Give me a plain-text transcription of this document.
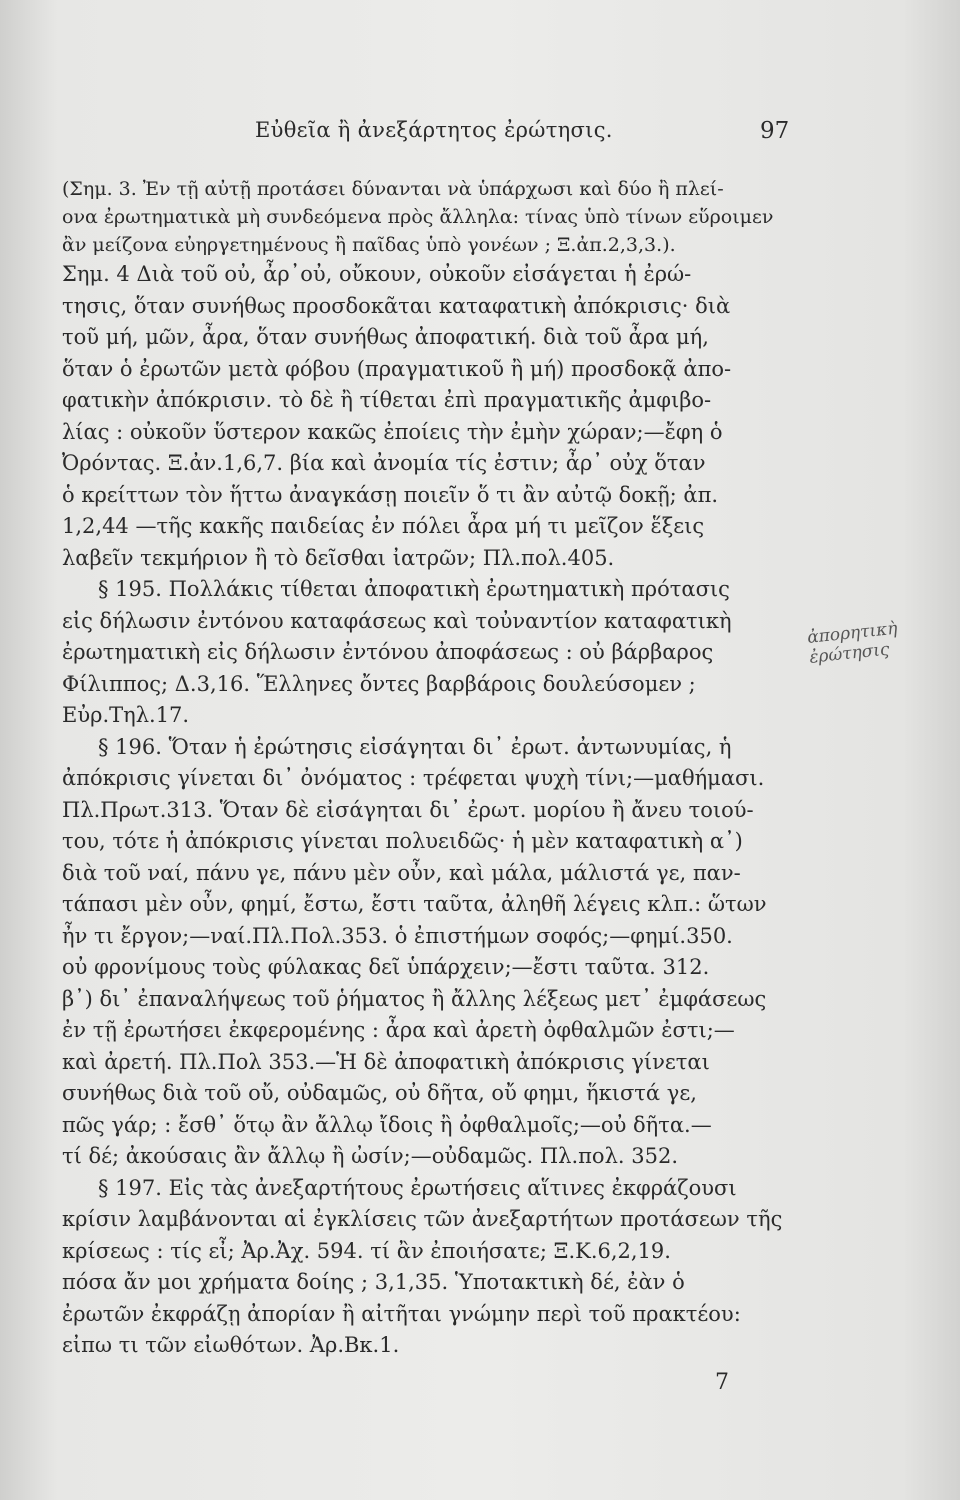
Εὐθεῖα ἢ ἀνεξάρτητος ἐρώτησις.	97
(Σημ. 3. Ἐν τῇ αὐτῇ προτάσει δύνανται νὰ ὑπάρχωσι καὶ δύο ἢ πλεί-
ονα ἐρωτηματικὰ μὴ συνδεόμενα πρὸς ἄλληλα: τίνας ὑπὸ τίνων εὕροιμεν
ἂν μείζονα εὐηργετημένους ἢ παῖδας ὑπὸ γονέων ; Ξ.ἀπ.2,3,3.).
Σημ. 4 Διὰ τοῦ οὐ, ἆρ᾽οὐ, οὔκουν, οὐκοῦν εἰσάγεται ἡ ἐρώ-
τησις, ὅταν συνήθως προσδοκᾶται καταφατικὴ ἀπόκρισις· διὰ
τοῦ μή, μῶν, ἆρα, ὅταν συνήθως ἀποφατική. διὰ τοῦ ἆρα μή,
ὅταν ὁ ἐρωτῶν μετὰ φόβου (πραγματικοῦ ἢ μή) προσδοκᾷ ἀπο-
φατικὴν ἀπόκρισιν. τὸ δὲ ἢ τίθεται ἐπὶ πραγματικῆς ἀμφιβο-
λίας : οὐκοῦν ὕστερον κακῶς ἐποίεις τὴν ἐμὴν χώραν;—ἔφη ὁ
Ὀρόντας. Ξ.ἀν.1,6,7. βία καὶ ἀνομία τίς ἐστιν; ἆρ᾽ οὐχ ὅταν
ὁ κρείττων τὸν ἥττω ἀναγκάσῃ ποιεῖν ὅ τι ἂν αὐτῷ δοκῇ; ἀπ.
1,2,44 —τῆς κακῆς παιδείας ἐν πόλει ἆρα μή τι μεῖζον ἕξεις
λαβεῖν τεκμήριον ἢ τὸ δεῖσθαι ἰατρῶν; Πλ.πολ.405.
§ 195. Πολλάκις τίθεται ἀποφατικὴ ἐρωτηματικὴ πρότασις
εἰς δήλωσιν ἐντόνου καταφάσεως καὶ τοὐναντίον καταφατικὴ
ἐρωτηματικὴ εἰς δήλωσιν ἐντόνου ἀποφάσεως : οὐ βάρβαρος
Φίλιππος; Δ.3,16. Ἕλληνες ὄντες βαρβάροις δουλεύσομεν ;
Εὐρ.Τηλ.17.
§ 196. Ὅταν ἡ ἐρώτησις εἰσάγηται δι᾽ ἐρωτ. ἀντωνυμίας, ἡ
ἀπόκρισις γίνεται δι᾽ ὀνόματος : τρέφεται ψυχὴ τίνι;—μαθήμασι.
Πλ.Πρωτ.313. Ὅταν δὲ εἰσάγηται δι᾽ ἐρωτ. μορίου ἢ ἄνευ τοιού-
του, τότε ἡ ἀπόκρισις γίνεται πολυειδῶς· ἡ μὲν καταφατικὴ α᾽)
διὰ τοῦ ναί, πάνυ γε, πάνυ μὲν οὖν, καὶ μάλα, μάλιστά γε, παν-
τάπασι μὲν οὖν, φημί, ἔστω, ἔστι ταῦτα, ἀληθῆ λέγεις κλπ.: ὥτων
ἦν τι ἔργον;—ναί.Πλ.Πολ.353. ὁ ἐπιστήμων σοφός;—φημί.350.
οὐ φρονίμους τοὺς φύλακας δεῖ ὑπάρχειν;—ἔστι ταῦτα. 312.
β᾽) δι᾽ ἐπαναλήψεως τοῦ ῥήματος ἢ ἄλλης λέξεως μετ᾽ ἐμφάσεως
ἐν τῇ ἐρωτήσει ἐκφερομένης : ἆρα καὶ ἀρετὴ ὀφθαλμῶν ἐστι;—
καὶ ἀρετή. Πλ.Πολ 353.—Ἡ δὲ ἀποφατικὴ ἀπόκρισις γίνεται
συνήθως διὰ τοῦ οὔ, οὐδαμῶς, οὐ δῆτα, οὔ φημι, ἥκιστά γε,
πῶς γάρ; : ἔσθ᾽ ὅτῳ ἂν ἄλλῳ ἴδοις ἢ ὀφθαλμοῖς;—οὐ δῆτα.—
τί δέ; ἀκούσαις ἂν ἄλλῳ ἢ ὠσίν;—οὐδαμῶς. Πλ.πολ. 352.
§ 197. Εἰς τὰς ἀνεξαρτήτους ἐρωτήσεις αἵτινες ἐκφράζουσι
κρίσιν λαμβάνονται αἱ ἐγκλίσεις τῶν ἀνεξαρτήτων προτάσεων τῆς
κρίσεως : τίς εἶ; Ἀρ.Ἀχ. 594. τί ἂν ἐποιήσατε; Ξ.Κ.6,2,19.
πόσα ἄν μοι χρήματα δοίης ; 3,1,35. Ὑποτακτικὴ δέ, ἐὰν ὁ
ἐρωτῶν ἐκφράζῃ ἀπορίαν ἢ αἰτῆται γνώμην περὶ τοῦ πρακτέου:
εἰπω τι τῶν εἰωθότων. Ἀρ.Βκ.1.
ἀπορητικὴ ἐρώτησις
7
